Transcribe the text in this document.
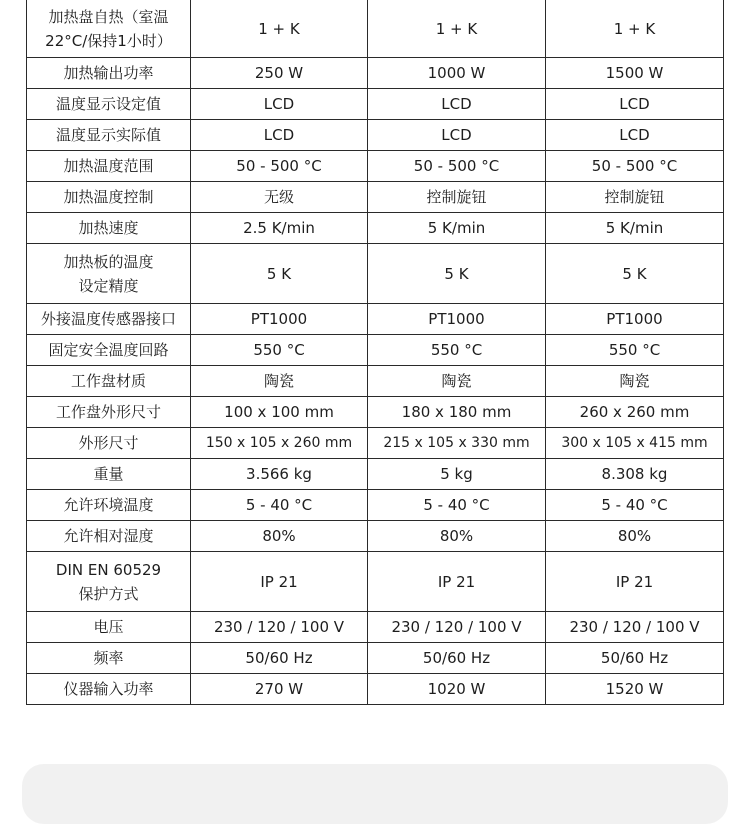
加热盘自热（室温 22°C/保持1小时）	1 + K	1 + K	1 + K
加热输出功率	250 W	1000 W	1500 W
温度显示设定值	LCD	LCD	LCD
温度显示实际值	LCD	LCD	LCD
加热温度范围	50 - 500 °C	50 - 500 °C	50 - 500 °C
加热温度控制	无级	控制旋钮	控制旋钮
加热速度	2.5 K/min	5 K/min	5 K/min
加热板的温度 设定精度	5 K	5 K	5 K
外接温度传感器接口	PT1000	PT1000	PT1000
固定安全温度回路	550 °C	550 °C	550 °C
工作盘材质	陶瓷	陶瓷	陶瓷
工作盘外形尺寸	100 x 100 mm	180 x 180 mm	260 x 260 mm
外形尺寸	150 x 105 x 260 mm	215 x 105 x 330 mm	300 x 105 x 415 mm
重量	3.566 kg	5 kg	8.308 kg
允许环境温度	5 - 40 °C	5 - 40 °C	5 - 40 °C
允许相对湿度	80%	80%	80%
DIN EN 60529 保护方式	IP 21	IP 21	IP 21
电压	230 / 120 / 100 V	230 / 120 / 100 V	230 / 120 / 100 V
频率	50/60 Hz	50/60 Hz	50/60 Hz
仪器输入功率	270 W	1020 W	1520 W
